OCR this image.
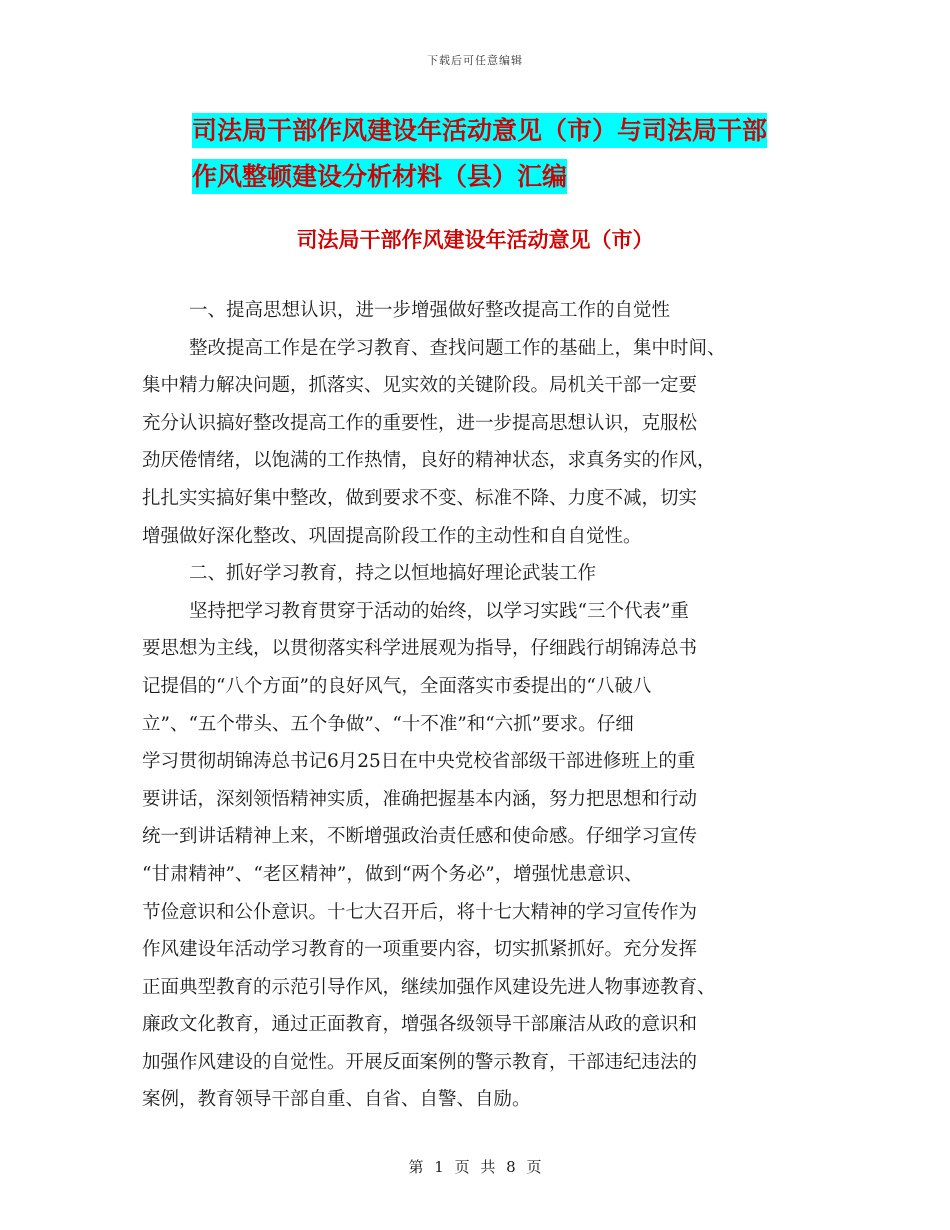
下载后可任意编辑
司法局干部作风建设年活动意见（市）与司法局干部
作风整顿建设分析材料（县）汇编
司法局干部作风建设年活动意见（市）
一、提高思想认识，进一步增强做好整改提高工作的自觉性
整改提高工作是在学习教育、查找问题工作的基础上，集中时间、
集中精力解决问题，抓落实、见实效的关键阶段。局机关干部一定要
充分认识搞好整改提高工作的重要性，进一步提高思想认识，克服松
劲厌倦情绪，以饱满的工作热情，良好的精神状态，求真务实的作风，
扎扎实实搞好集中整改，做到要求不变、标准不降、力度不减，切实
增强做好深化整改、巩固提高阶段工作的主动性和自自觉性。
二、抓好学习教育，持之以恒地搞好理论武装工作
坚持把学习教育贯穿于活动的始终，以学习实践“三个代表”重
要思想为主线，以贯彻落实科学进展观为指导，仔细践行胡锦涛总书
记提倡的“八个方面”的良好风气，全面落实市委提出的“八破八
立”、“五个带头、五个争做”、“十不准”和“六抓”要求。仔细
学习贯彻胡锦涛总书记6月25日在中央党校省部级干部进修班上的重
要讲话，深刻领悟精神实质，准确把握基本内涵，努力把思想和行动
统一到讲话精神上来，不断增强政治责任感和使命感。仔细学习宣传
“甘肃精神”、“老区精神”，做到“两个务必”，增强忧患意识、
节俭意识和公仆意识。十七大召开后，将十七大精神的学习宣传作为
作风建设年活动学习教育的一项重要内容，切实抓紧抓好。充分发挥
正面典型教育的示范引导作风，继续加强作风建设先进人物事迹教育、
廉政文化教育，通过正面教育，增强各级领导干部廉洁从政的意识和
加强作风建设的自觉性。开展反面案例的警示教育，干部违纪违法的
案例，教育领导干部自重、自省、自警、自励。
第 1 页 共 8 页
